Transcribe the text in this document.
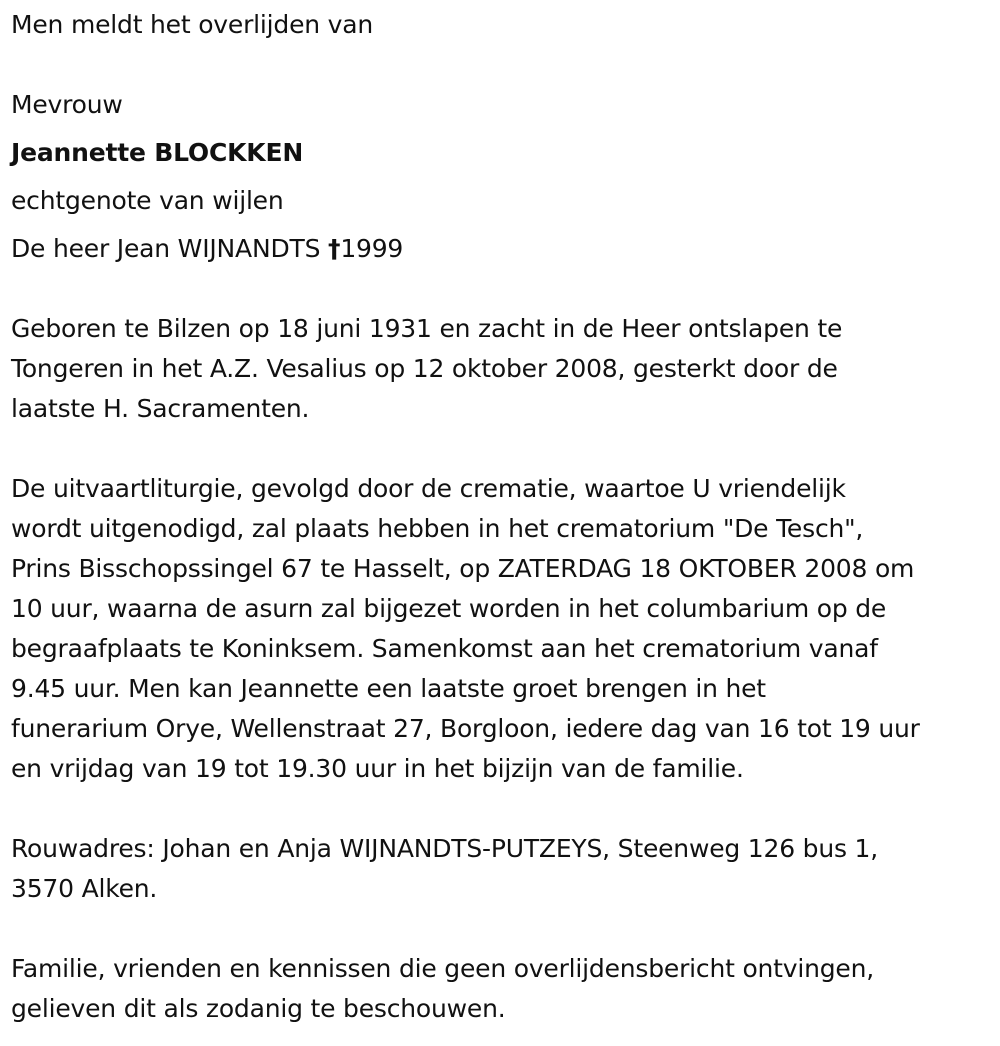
Men meldt het overlijden van
Mevrouw
Jeannette BLOCKKEN
echtgenote van wijlen
De heer Jean WIJNANDTS †1999
Geboren te Bilzen op 18 juni 1931 en zacht in de Heer ontslapen te
Tongeren in het A.Z. Vesalius op 12 oktober 2008, gesterkt door de
laatste H. Sacramenten.
De uitvaartliturgie, gevolgd door de crematie, waartoe U vriendelijk
wordt uitgenodigd, zal plaats hebben in het crematorium "De Tesch",
Prins Bisschopssingel 67 te Hasselt, op ZATERDAG 18 OKTOBER 2008 om
10 uur, waarna de asurn zal bijgezet worden in het columbarium op de
begraafplaats te Koninksem. Samenkomst aan het crematorium vanaf
9.45 uur. Men kan Jeannette een laatste groet brengen in het
funerarium Orye, Wellenstraat 27, Borgloon, iedere dag van 16 tot 19 uur
en vrijdag van 19 tot 19.30 uur in het bijzijn van de familie.
Rouwadres: Johan en Anja WIJNANDTS-PUTZEYS, Steenweg 126 bus 1,
3570 Alken.
Familie, vrienden en kennissen die geen overlijdensbericht ontvingen,
gelieven dit als zodanig te beschouwen.
